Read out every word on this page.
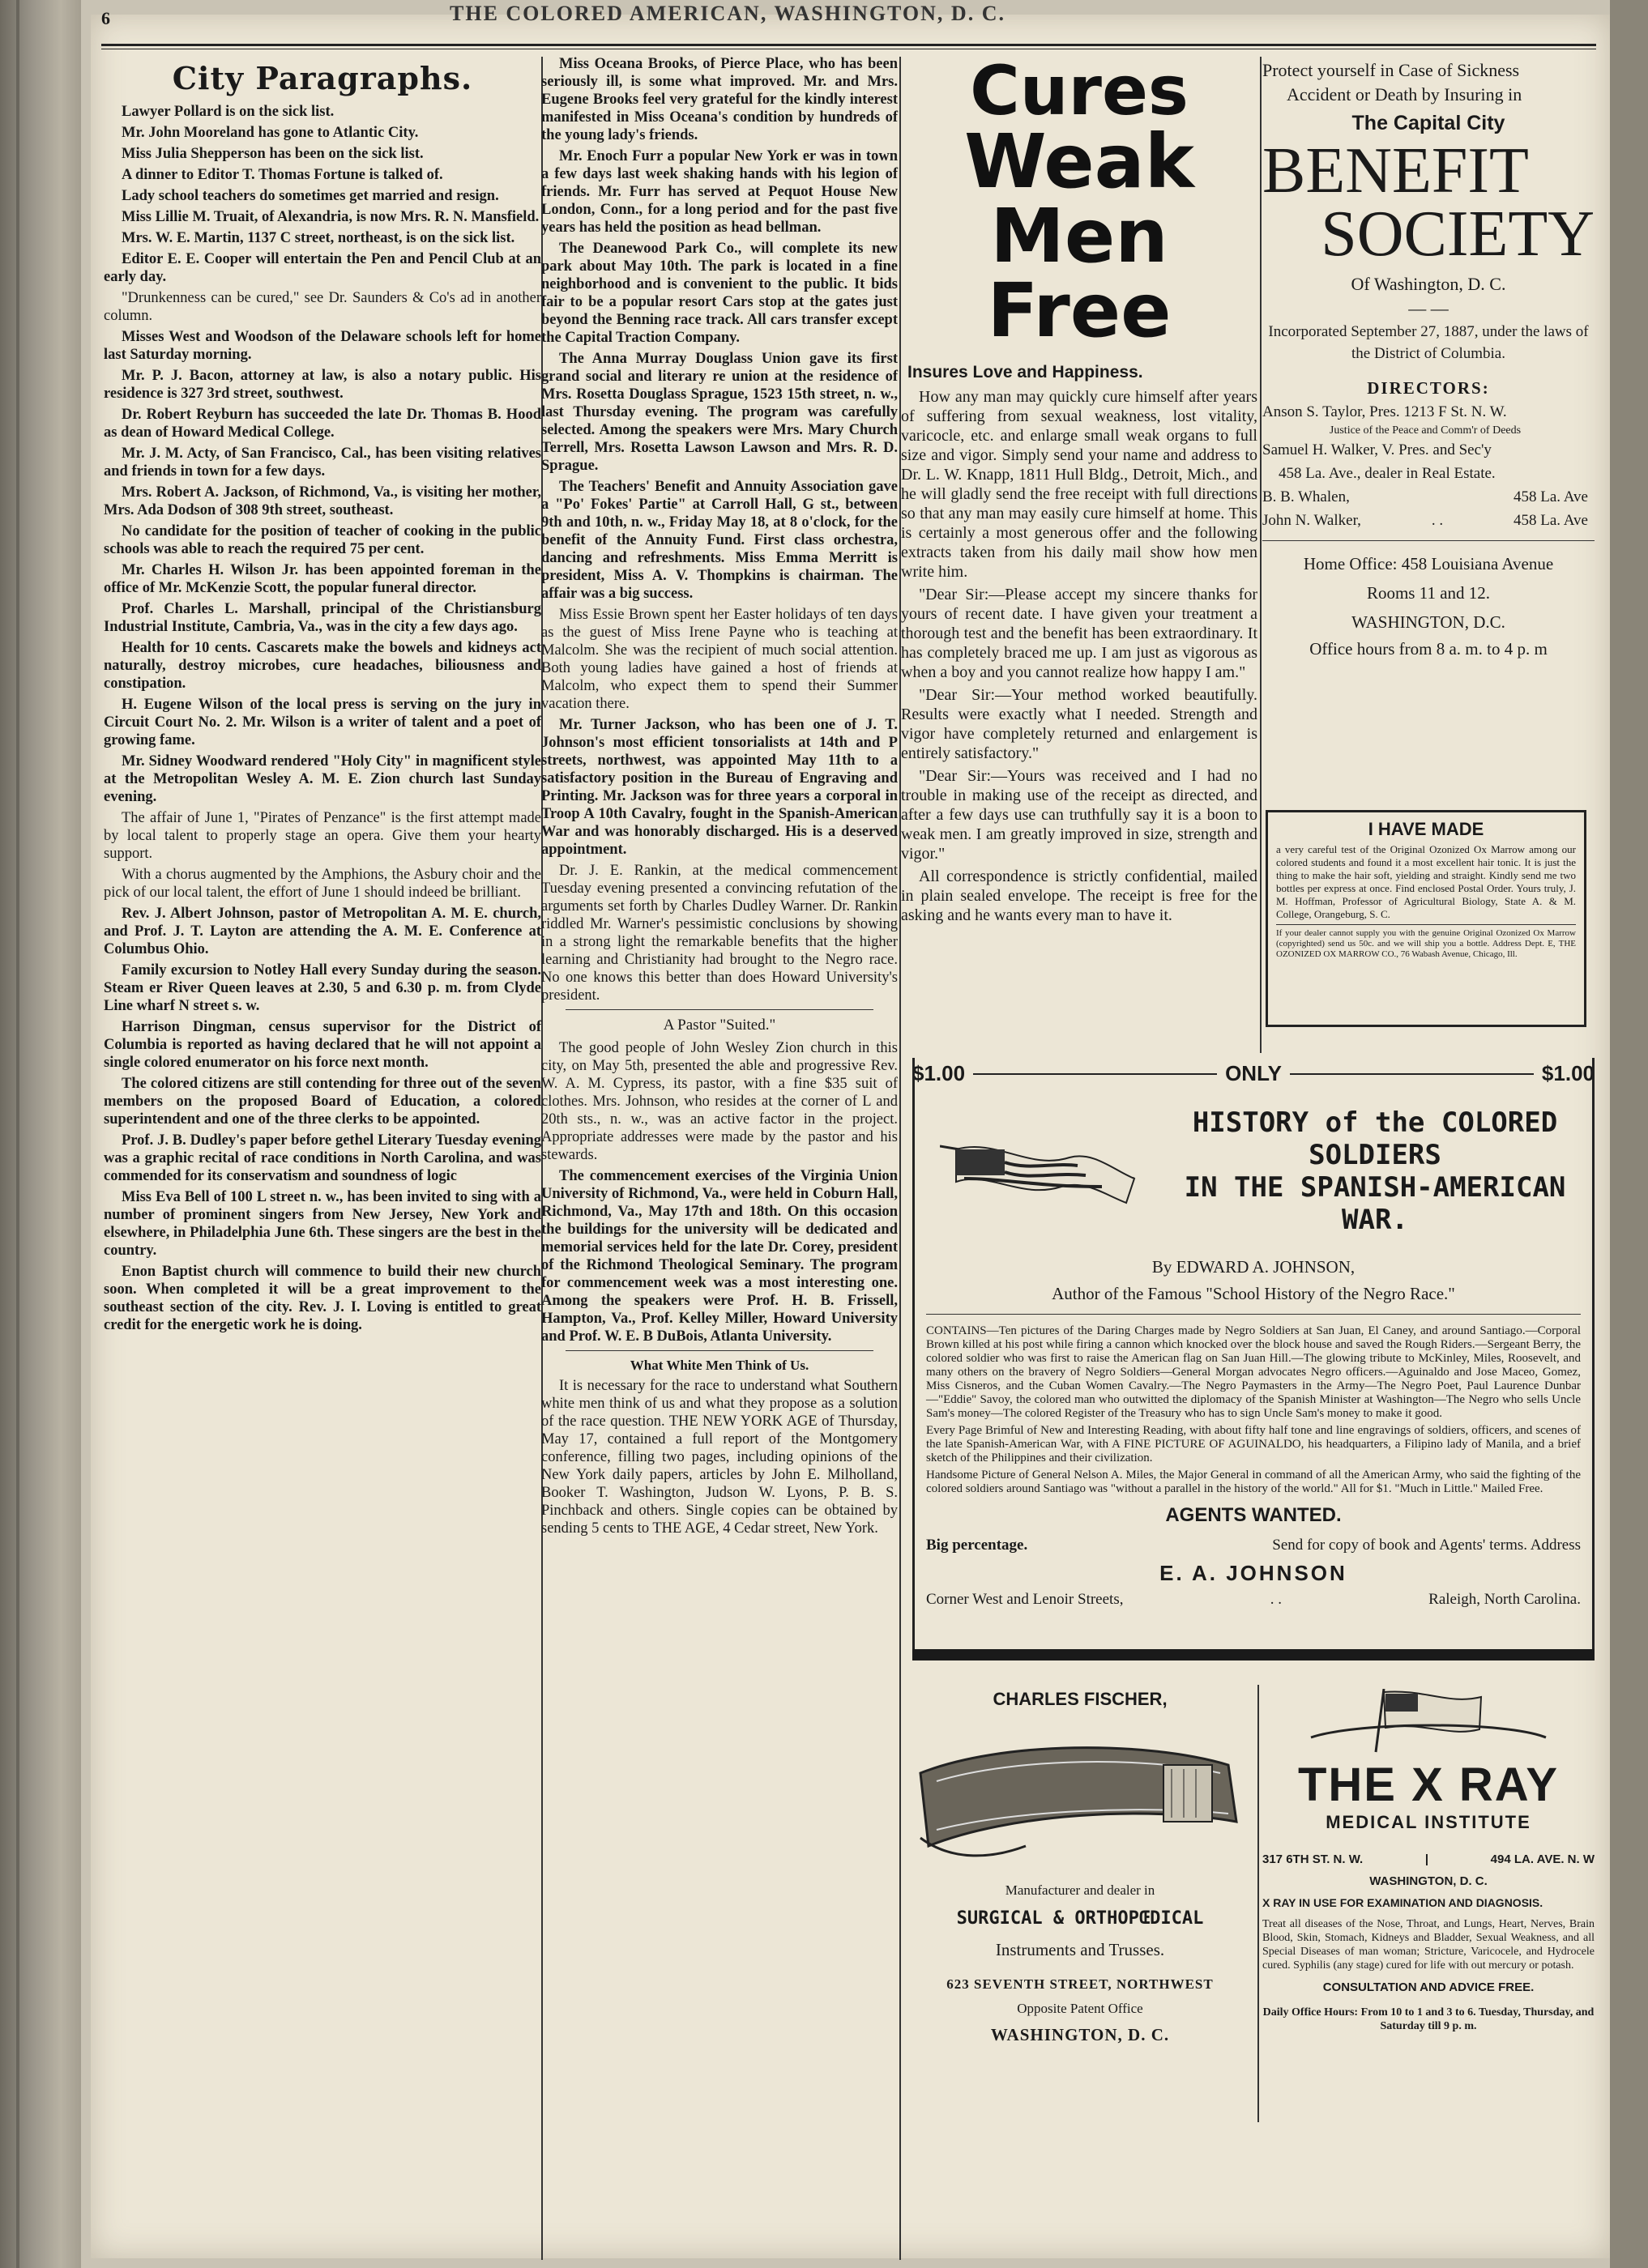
6	THE COLORED AMERICAN, WASHINGTON, D. C.
City Paragraphs.

Lawyer Pollard is on the sick list.

Mr. John Mooreland has gone to Atlantic City.

Miss Julia Shepperson has been on the sick list.

A dinner to Editor T. Thomas Fortune is talked of.

Lady school teachers do sometimes get married and resign.

Miss Lillie M. Truait, of Alexandria, is now Mrs. R. N. Mansfield.

Mrs. W. E. Martin, 1137 C street, northeast, is on the sick list.

Editor E. E. Cooper will entertain the Pen and Pencil Club at an early day.

"Drunkenness can be cured," see Dr. Saunders & Co's ad in another column.

Misses West and Woodson of the Delaware schools left for home last Saturday morning.

Mr. P. J. Bacon, attorney at law, is also a notary public. His residence is 327 3rd street, southwest.

Dr. Robert Reyburn has succeeded the late Dr. Thomas B. Hood as dean of Howard Medical College.

Mr. J. M. Acty, of San Francisco, Cal., has been visiting relatives and friends in town for a few days.

Mrs. Robert A. Jackson, of Richmond, Va., is visiting her mother, Mrs. Ada Dodson of 308 9th street, southeast.

No candidate for the position of teacher of cooking in the public schools was able to reach the required 75 per cent.

Mr. Charles H. Wilson Jr. has been appointed foreman in the office of Mr. McKenzie Scott, the popular funeral director.

Prof. Charles L. Marshall, principal of the Christiansburg Industrial Institute, Cambria, Va., was in the city a few days ago.

Health for 10 cents. Cascarets make the bowels and kidneys act naturally, destroy microbes, cure headaches, biliousness and constipation.

H. Eugene Wilson of the local press is serving on the jury in Circuit Court No. 2. Mr. Wilson is a writer of talent and a poet of growing fame.

Mr. Sidney Woodward rendered "Holy City" in magnificent style at the Metropolitan Wesley A. M. E. Zion church last Sunday evening.

The affair of June 1, "Pirates of Penzance" is the first attempt made by local talent to properly stage an opera. Give them your hearty support.

With a chorus augmented by the Amphions, the Asbury choir and the pick of our local talent, the effort of June 1 should indeed be brilliant.

Rev. J. Albert Johnson, pastor of Metropolitan A. M. E. church, and Prof. J. T. Layton are attending the A. M. E. Conference at Columbus Ohio.

Family excursion to Notley Hall every Sunday during the season. Steam er River Queen leaves at 2.30, 5 and 6.30 p. m. from Clyde Line wharf N street s. w.

Harrison Dingman, census supervisor for the District of Columbia is reported as having declared that he will not appoint a single colored enumerator on his force next month.

The colored citizens are still contending for three out of the seven members on the proposed Board of Education, a colored superintendent and one of the three clerks to be appointed.

Prof. J. B. Dudley's paper before gethel Literary Tuesday evening was a graphic recital of race conditions in North Carolina, and was commended for its conservatism and soundness of logic

Miss Eva Bell of 100 L street n. w., has been invited to sing with a number of prominent singers from New Jersey, New York and elsewhere, in Philadelphia June 6th. These singers are the best in the country.

Enon Baptist church will commence to build their new church soon. When completed it will be a great improvement to the southeast section of the city. Rev. J. I. Loving is entitled to great credit for the energetic work he is doing.

Miss Oceana Brooks, of Pierce Place, who has been seriously ill, is some what improved. Mr. and Mrs. Eugene Brooks feel very grateful for the kindly interest manifested in Miss Oceana's condition by hundreds of the young lady's friends.

Mr. Enoch Furr a popular New York er was in town a few days last week shaking hands with his legion of friends. Mr. Furr has served at Pequot House New London, Conn., for a long period and for the past five years has held the position as head bellman.

The Deanewood Park Co., will complete its new park about May 10th. The park is located in a fine neighborhood and is convenient to the public. It bids fair to be a popular resort Cars stop at the gates just beyond the Benning race track. All cars transfer except the Capital Traction Company.

The Anna Murray Douglass Union gave its first grand social and literary re union at the residence of Mrs. Rosetta Douglass Sprague, 1523 15th street, n. w., last Thursday evening. The program was carefully selected. Among the speakers were Mrs. Mary Church Terrell, Mrs. Rosetta Lawson Lawson and Mrs. R. D. Sprague.

The Teachers' Benefit and Annuity Association gave a "Po' Fokes' Partie" at Carroll Hall, G st., between 9th and 10th, n. w., Friday May 18, at 8 o'clock, for the benefit of the Annuity Fund. First class orchestra, dancing and refreshments. Miss Emma Merritt is president, Miss A. V. Thompkins is chairman. The affair was a big success.

Miss Essie Brown spent her Easter holidays of ten days as the guest of Miss Irene Payne who is teaching at Malcolm. She was the recipient of much social attention. Both young ladies have gained a host of friends at Malcolm, who expect them to spend their Summer vacation there.

Mr. Turner Jackson, who has been one of J. T. Johnson's most efficient tonsorialists at 14th and P streets, northwest, was appointed May 11th to a satisfactory position in the Bureau of Engraving and Printing. Mr. Jackson was for three years a corporal in Troop A 10th Cavalry, fought in the Spanish-American War and was honorably discharged. His is a deserved appointment.

Dr. J. E. Rankin, at the medical commencement Tuesday evening presented a convincing refutation of the arguments set forth by Charles Dudley Warner. Dr. Rankin riddled Mr. Warner's pessimistic conclusions by showing in a strong light the remarkable benefits that the higher learning and Christianity had brought to the Negro race. No one knows this better than does Howard University's president.

A Pastor "Suited."

The good people of John Wesley Zion church in this city, on May 5th, presented the able and progressive Rev. W. A. M. Cypress, its pastor, with a fine $35 suit of clothes. Mrs. Johnson, who resides at the corner of L and 20th sts., n. w., was an active factor in the project. Appropriate addresses were made by the pastor and his stewards.

The commencement exercises of the Virginia Union University of Richmond, Va., were held in Coburn Hall, Richmond, Va., May 17th and 18th. On this occasion the buildings for the university will be dedicated and memorial services held for the late Dr. Corey, president of the Richmond Theological Seminary. The program for commencement week was a most interesting one. Among the speakers were Prof. H. B. Frissell, Hampton, Va., Prof. Kelley Miller, Howard University and Prof. W. E. B DuBois, Atlanta University.

What White Men Think of Us.

It is necessary for the race to understand what Southern white men think of us and what they propose as a solution of the race question. THE NEW YORK AGE of Thursday, May 17, contained a full report of the Montgomery conference, filling two pages, including opinions of the New York daily papers, articles by John E. Milholland, Booker T. Washington, Judson W. Lyons, P. B. S. Pinchback and others. Single copies can be obtained by sending 5 cents to THE AGE, 4 Cedar street, New York.

Cures
Weak Men
Free
Insures Love and Happiness.

How any man may quickly cure himself after years of suffering from sexual weakness, lost vitality, varicocle, etc. and enlarge small weak organs to full size and vigor. Simply send your name and address to Dr. L. W. Knapp, 1811 Hull Bldg., Detroit, Mich., and he will gladly send the free receipt with full directions so that any man may easily cure himself at home. This is certainly a most generous offer and the following extracts taken from his daily mail show how men write him.

"Dear Sir:—Please accept my sincere thanks for yours of recent date. I have given your treatment a thorough test and the benefit has been extraordinary. It has completely braced me up. I am just as vigorous as when a boy and you cannot realize how happy I am."

"Dear Sir:—Your method worked beautifully. Results were exactly what I needed. Strength and vigor have completely returned and enlargement is entirely satisfactory."

"Dear Sir:—Yours was received and I had no trouble in making use of the receipt as directed, and after a few days use can truthfully say it is a boon to weak men. I am greatly improved in size, strength and vigor."

All correspondence is strictly confidential, mailed in plain sealed envelope. The receipt is free for the asking and he wants every man to have it.

Protect yourself in Case of Sickness

Accident or Death by Insuring in

The Capital City

BENEFIT

SOCIETY

Of Washington, D. C.

— —

Incorporated September 27, 1887, under the laws of the District of Columbia.

DIRECTORS:

Anson S. Taylor, Pres. 1213 F St. N. W.
Justice of the Peace and Comm'r of Deeds
Samuel H. Walker, V. Pres. and Sec'y
458 La. Ave., dealer in Real Estate.
B. B. Whalen,	458 La. Ave
John N. Walker,	. .	458 La. Ave

Home Office: 458 Louisiana Avenue

Rooms 11 and 12.

WASHINGTON, D.C.

Office hours from 8 a. m. to 4 p. m

I HAVE MADE

a very careful test of the Original Ozonized Ox Marrow among our colored students and found it a most excellent hair tonic. It is just the thing to make the hair soft, yielding and straight. Kindly send me two bottles per express at once. Find enclosed Postal Order. Yours truly, J. M. Hoffman, Professor of Agricultural Biology, State A. & M. College, Orangeburg, S. C.

If your dealer cannot supply you with the genuine Original Ozonized Ox Marrow (copyrighted) send us 50c. and we will ship you a bottle. Address Dept. E, THE OZONIZED OX MARROW CO., 76 Wabash Avenue, Chicago, Ill.

$1.00	ONLY	$1.00
HISTORY of the COLORED SOLDIERS
IN THE SPANISH-AMERICAN WAR.
By EDWARD A. JOHNSON,
Author of the Famous "School History of the Negro Race."

CONTAINS—Ten pictures of the Daring Charges made by Negro Soldiers at San Juan, El Caney, and around Santiago.—Corporal Brown killed at his post while firing a cannon which knocked over the block house and saved the Rough Riders.—Sergeant Berry, the colored soldier who was first to raise the American flag on San Juan Hill.—The glowing tribute to McKinley, Miles, Roosevelt, and many others on the bravery of Negro Soldiers—General Morgan advocates Negro officers.—Aguinaldo and Jose Maceo, Gomez, Miss Cisneros, and the Cuban Women Cavalry.—The Negro Paymasters in the Army—The Negro Poet, Paul Laurence Dunbar—"Eddie" Savoy, the colored man who outwitted the diplomacy of the Spanish Minister at Washington—The Negro who sells Uncle Sam's money—The colored Register of the Treasury who has to sign Uncle Sam's money to make it good.

Every Page Brimful of New and Interesting Reading, with about fifty half tone and line engravings of soldiers, officers, and scenes of the late Spanish-American War, with A FINE PICTURE OF AGUINALDO, his headquarters, a Filipino lady of Manila, and a brief sketch of the Philippines and their civilization.

Handsome Picture of General Nelson A. Miles, the Major General in command of all the American Army, who said the fighting of the colored soldiers around Santiago was "without a parallel in the history of the world." All for $1. "Much in Little." Mailed Free.

AGENTS WANTED.
Big percentage.	Send for copy of book and Agents' terms. Address
E. A. JOHNSON
Corner West and Lenoir Streets,	. .	Raleigh, North Carolina.
CHARLES FISCHER,
Manufacturer and dealer in
SURGICAL & ORTHOPŒDICAL
Instruments and Trusses.
623 SEVENTH STREET, NORTHWEST
Opposite Patent Office
WASHINGTON, D. C.
THE X RAY
MEDICAL INSTITUTE
317 6TH ST. N. W.	|	494 LA. AVE. N. W
WASHINGTON, D. C.
X RAY IN USE FOR EXAMINATION AND DIAGNOSIS.

Treat all diseases of the Nose, Throat, and Lungs, Heart, Nerves, Brain Blood, Skin, Stomach, Kidneys and Bladder, Sexual Weakness, and all Special Diseases of man woman; Stricture, Varicocele, and Hydrocele cured. Syphilis (any stage) cured for life with out mercury or potash.

CONSULTATION AND ADVICE FREE.

Daily Office Hours: From 10 to 1 and 3 to 6. Tuesday, Thursday, and Saturday till 9 p. m.
